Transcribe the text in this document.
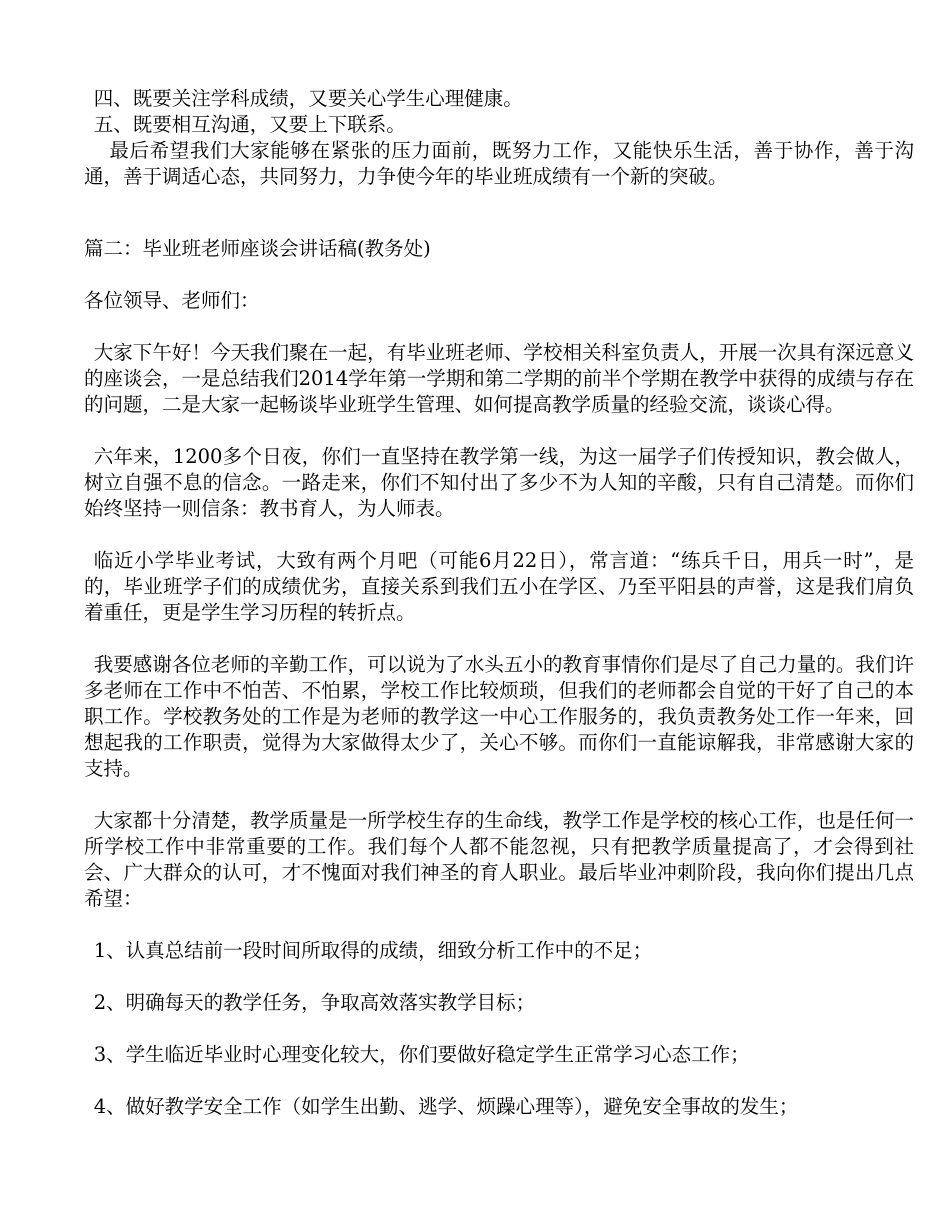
四、既要关注学科成绩，又要关心学生心理健康。

五、既要相互沟通，又要上下联系。

最后希望我们大家能够在紧张的压力面前，既努力工作，又能快乐生活，善于协作，善于沟通，善于调适心态，共同努力，力争使今年的毕业班成绩有一个新的突破。

篇二：毕业班老师座谈会讲话稿(教务处)

各位领导、老师们：

大家下午好！今天我们聚在一起，有毕业班老师、学校相关科室负责人，开展一次具有深远意义的座谈会，一是总结我们2014学年第一学期和第二学期的前半个学期在教学中获得的成绩与存在的问题，二是大家一起畅谈毕业班学生管理、如何提高教学质量的经验交流，谈谈心得。

六年来，1200多个日夜，你们一直坚持在教学第一线，为这一届学子们传授知识，教会做人，树立自强不息的信念。一路走来，你们不知付出了多少不为人知的辛酸，只有自己清楚。而你们始终坚持一则信条：教书育人，为人师表。

临近小学毕业考试，大致有两个月吧（可能6月22日），常言道：“练兵千日，用兵一时”，是的，毕业班学子们的成绩优劣，直接关系到我们五小在学区、乃至平阳县的声誉，这是我们肩负着重任，更是学生学习历程的转折点。

我要感谢各位老师的辛勤工作，可以说为了水头五小的教育事情你们是尽了自己力量的。我们许多老师在工作中不怕苦、不怕累，学校工作比较烦琐，但我们的老师都会自觉的干好了自己的本职工作。学校教务处的工作是为老师的教学这一中心工作服务的，我负责教务处工作一年来，回想起我的工作职责，觉得为大家做得太少了，关心不够。而你们一直能谅解我，非常感谢大家的支持。

大家都十分清楚，教学质量是一所学校生存的生命线，教学工作是学校的核心工作，也是任何一所学校工作中非常重要的工作。我们每个人都不能忽视，只有把教学质量提高了，才会得到社会、广大群众的认可，才不愧面对我们神圣的育人职业。最后毕业冲刺阶段，我向你们提出几点希望：

1、认真总结前一段时间所取得的成绩，细致分析工作中的不足；

2、明确每天的教学任务，争取高效落实教学目标；

3、学生临近毕业时心理变化较大，你们要做好稳定学生正常学习心态工作；

4、做好教学安全工作（如学生出勤、逃学、烦躁心理等），避免安全事故的发生；
